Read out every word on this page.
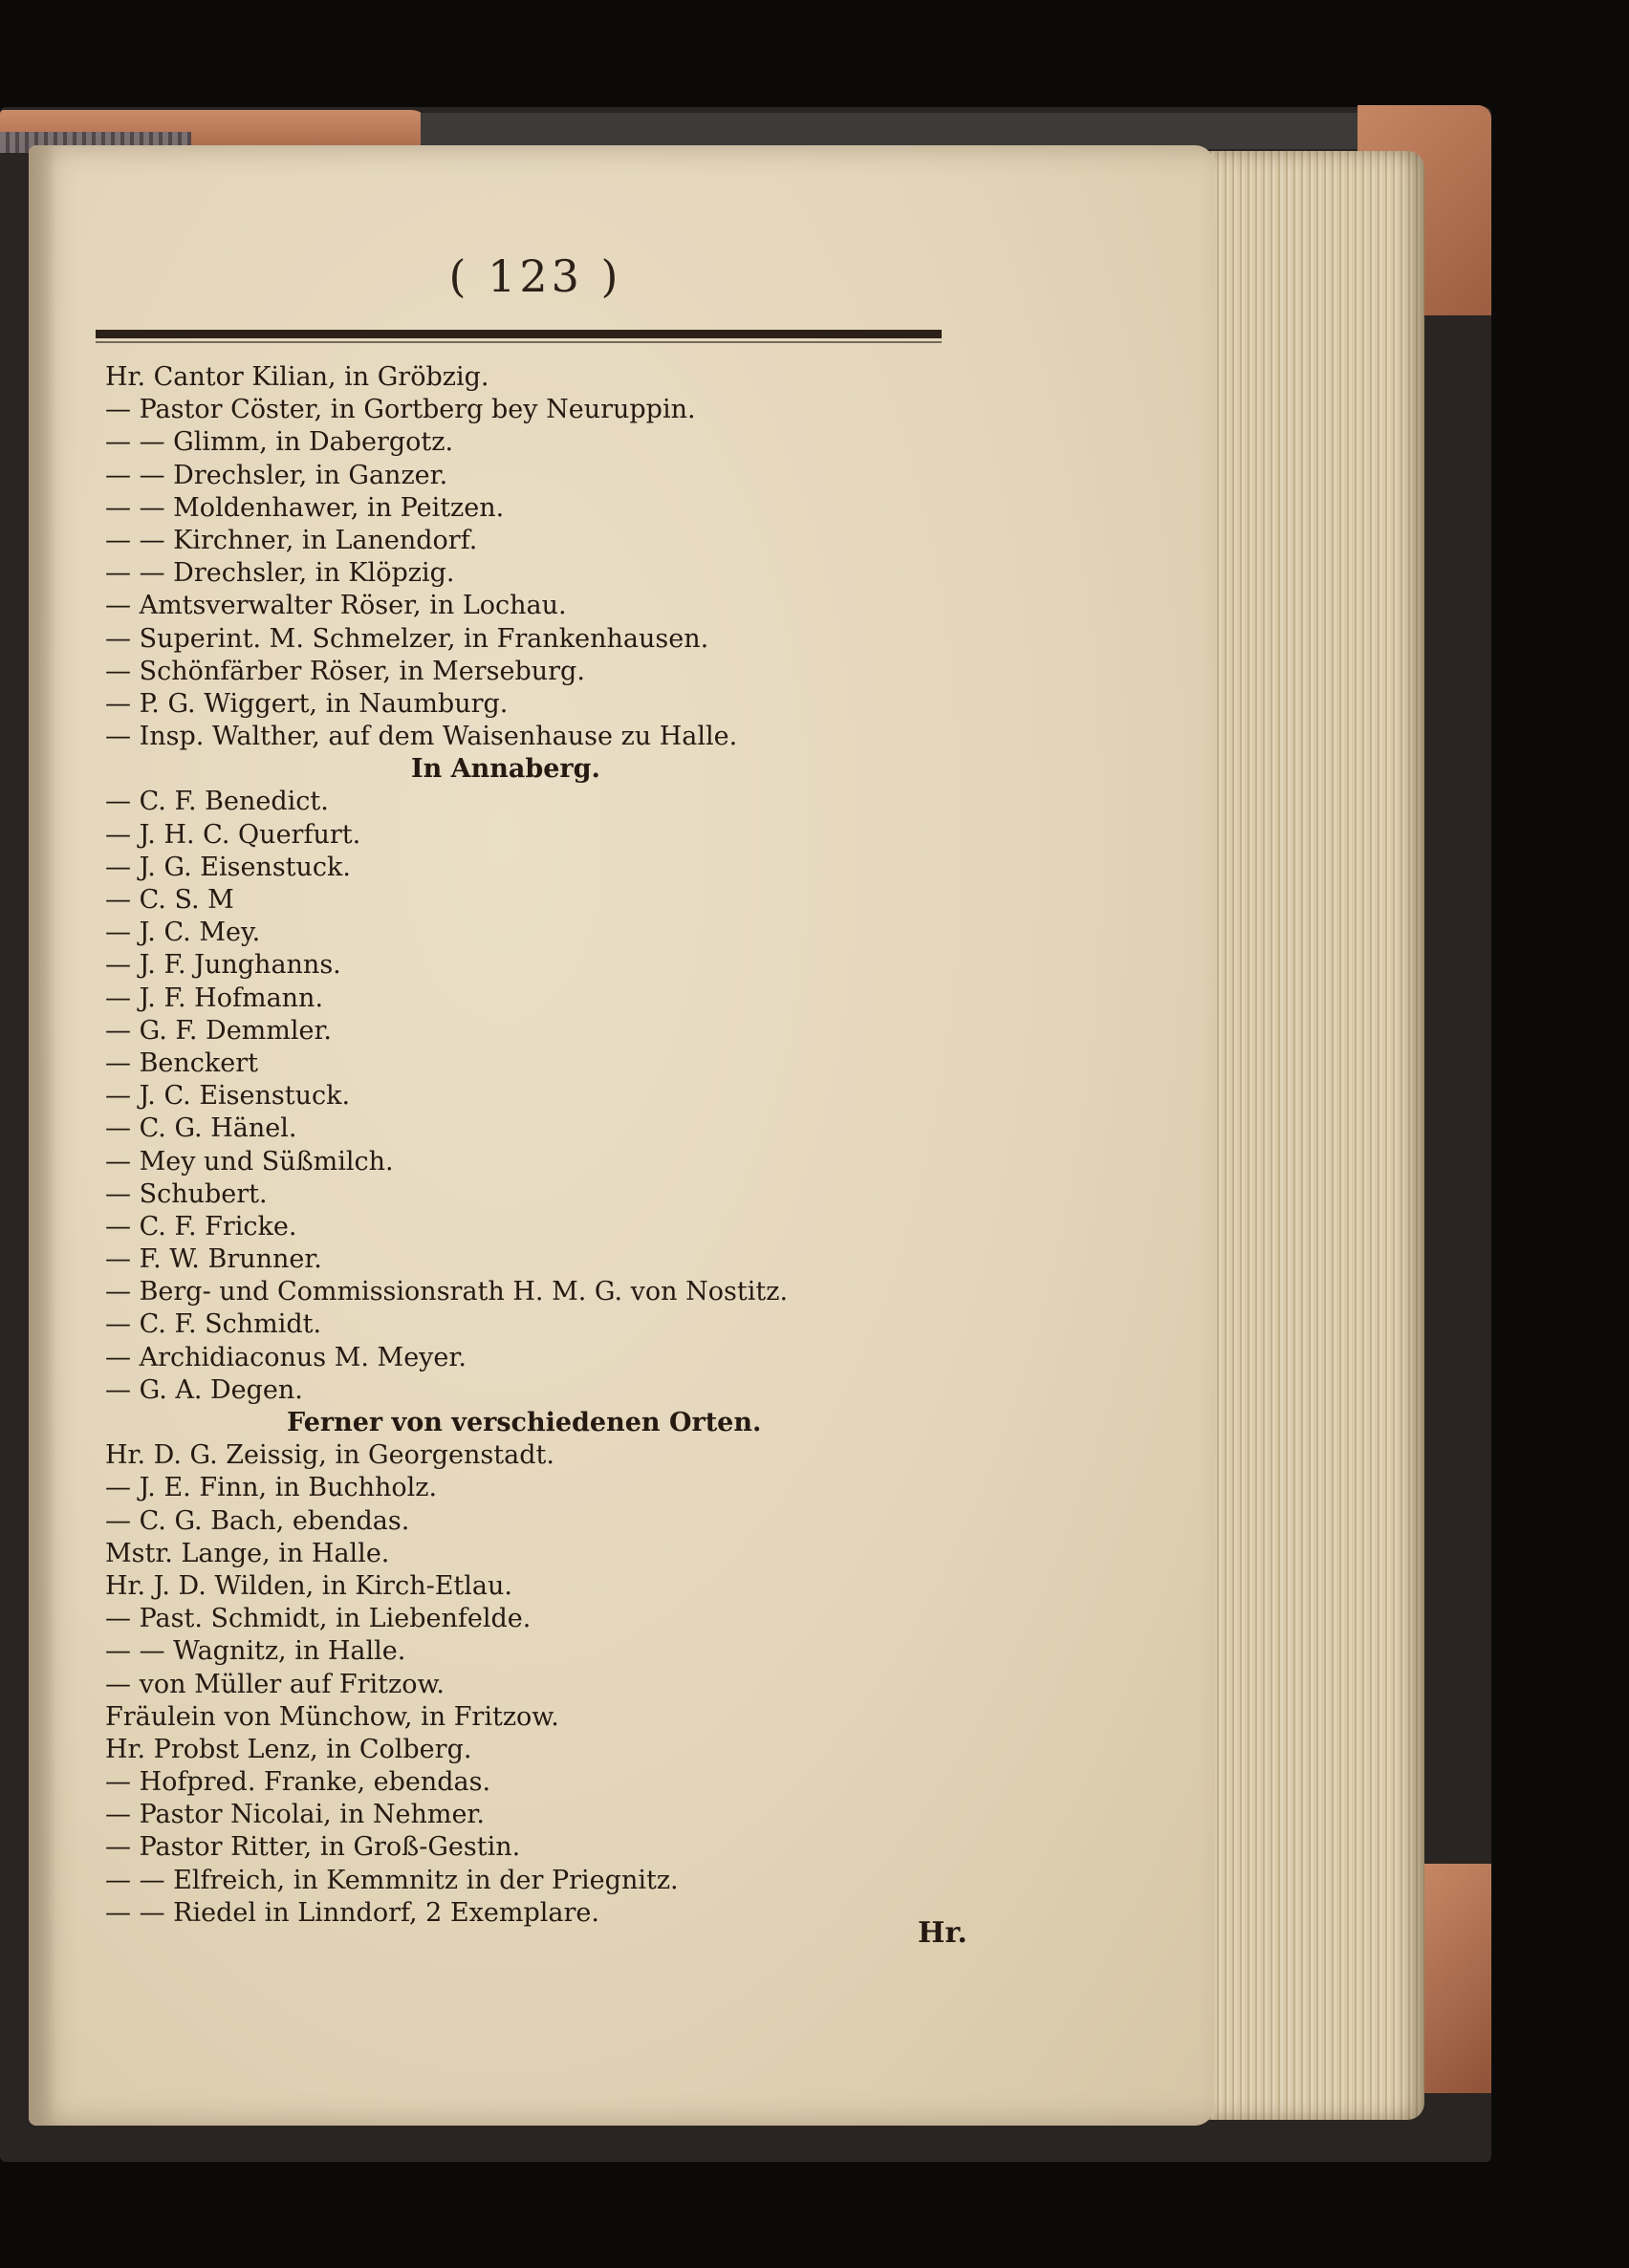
( 123 )
Hr. Cantor Kilian, in Gröbzig.
— Pastor Cöster, in Gortberg bey Neuruppin.
— — Glimm, in Dabergotz.
— — Drechsler, in Ganzer.
— — Moldenhawer, in Peitzen.
— — Kirchner, in Lanendorf.
— — Drechsler, in Klöpzig.
— Amtsverwalter Röser, in Lochau.
— Superint. M. Schmelzer, in Frankenhausen.
— Schönfärber Röser, in Merseburg.
— P. G. Wiggert, in Naumburg.
— Insp. Walther, auf dem Waisenhause zu Halle.
In Annaberg.
— C. F. Benedict.
— J. H. C. Querfurt.
— J. G. Eisenstuck.
— C. S. M
— J. C. Mey.
— J. F. Junghanns.
— J. F. Hofmann.
— G. F. Demmler.
— Benckert
— J. C. Eisenstuck.
— C. G. Hänel.
— Mey und Süßmilch.
— Schubert.
— C. F. Fricke.
— F. W. Brunner.
— Berg- und Commissionsrath H. M. G. von Nostitz.
— C. F. Schmidt.
— Archidiaconus M. Meyer.
— G. A. Degen.
Ferner von verschiedenen Orten.
Hr. D. G. Zeissig, in Georgenstadt.
— J. E. Finn, in Buchholz.
— C. G. Bach, ebendas.
Mstr. Lange, in Halle.
Hr. J. D. Wilden, in Kirch-Etlau.
— Past. Schmidt, in Liebenfelde.
— — Wagnitz, in Halle.
— von Müller auf Fritzow.
Fräulein von Münchow, in Fritzow.
Hr. Probst Lenz, in Colberg.
— Hofpred. Franke, ebendas.
— Pastor Nicolai, in Nehmer.
— Pastor Ritter, in Groß-Gestin.
— — Elfreich, in Kemmnitz in der Priegnitz.
— — Riedel in Linndorf, 2 Exemplare.
Hr.
